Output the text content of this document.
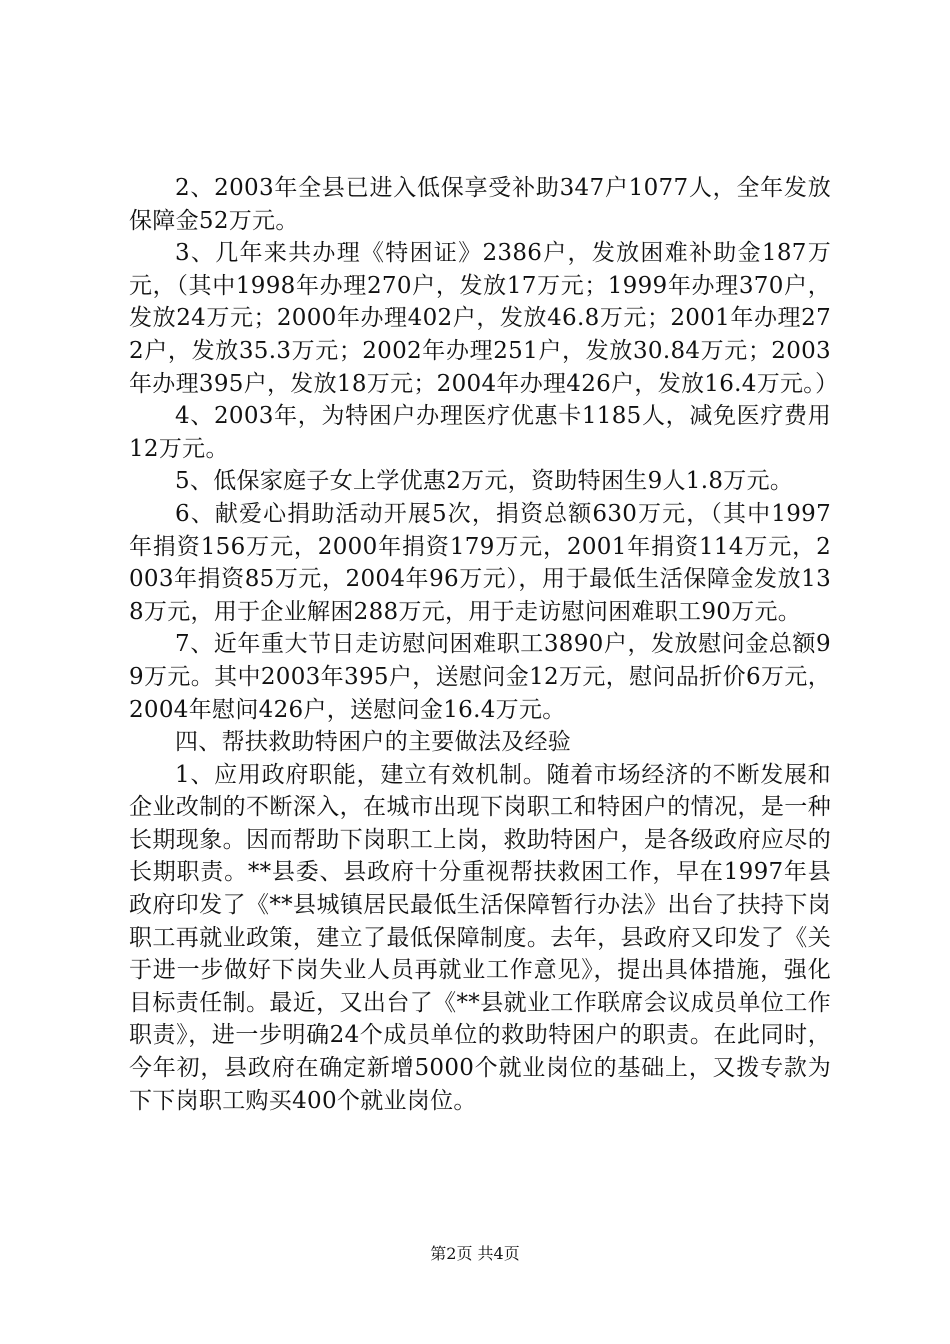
2、2003年全县已进入低保享受补助347户1077人，全年发放保障金52万元。

3、几年来共办理《特困证》2386户，发放困难补助金187万元，（其中1998年办理270户，发放17万元；1999年办理370户，发放24万元；2000年办理402户，发放46.8万元；2001年办理272户，发放35.3万元；2002年办理251户，发放30.84万元；2003年办理395户，发放18万元；2004年办理426户，发放16.4万元。）

4、2003年，为特困户办理医疗优惠卡1185人，减免医疗费用12万元。

5、低保家庭子女上学优惠2万元，资助特困生9人1.8万元。

6、献爱心捐助活动开展5次，捐资总额630万元，（其中1997年捐资156万元，2000年捐资179万元，2001年捐资114万元，2003年捐资85万元，2004年96万元），用于最低生活保障金发放138万元，用于企业解困288万元，用于走访慰问困难职工90万元。

7、近年重大节日走访慰问困难职工3890户，发放慰问金总额99万元。其中2003年395户，送慰问金12万元，慰问品折价6万元，2004年慰问426户，送慰问金16.4万元。

四、帮扶救助特困户的主要做法及经验

1、应用政府职能，建立有效机制。随着市场经济的不断发展和企业改制的不断深入，在城市出现下岗职工和特困户的情况，是一种长期现象。因而帮助下岗职工上岗，救助特困户，是各级政府应尽的长期职责。**县委、县政府十分重视帮扶救困工作，早在1997年县政府印发了《**县城镇居民最低生活保障暂行办法》出台了扶持下岗职工再就业政策，建立了最低保障制度。去年，县政府又印发了《关于进一步做好下岗失业人员再就业工作意见》，提出具体措施，强化目标责任制。最近，又出台了《**县就业工作联席会议成员单位工作职责》，进一步明确24个成员单位的救助特困户的职责。在此同时，今年初，县政府在确定新增5000个就业岗位的基础上，又拨专款为下下岗职工购买400个就业岗位。

第2页 共4页
